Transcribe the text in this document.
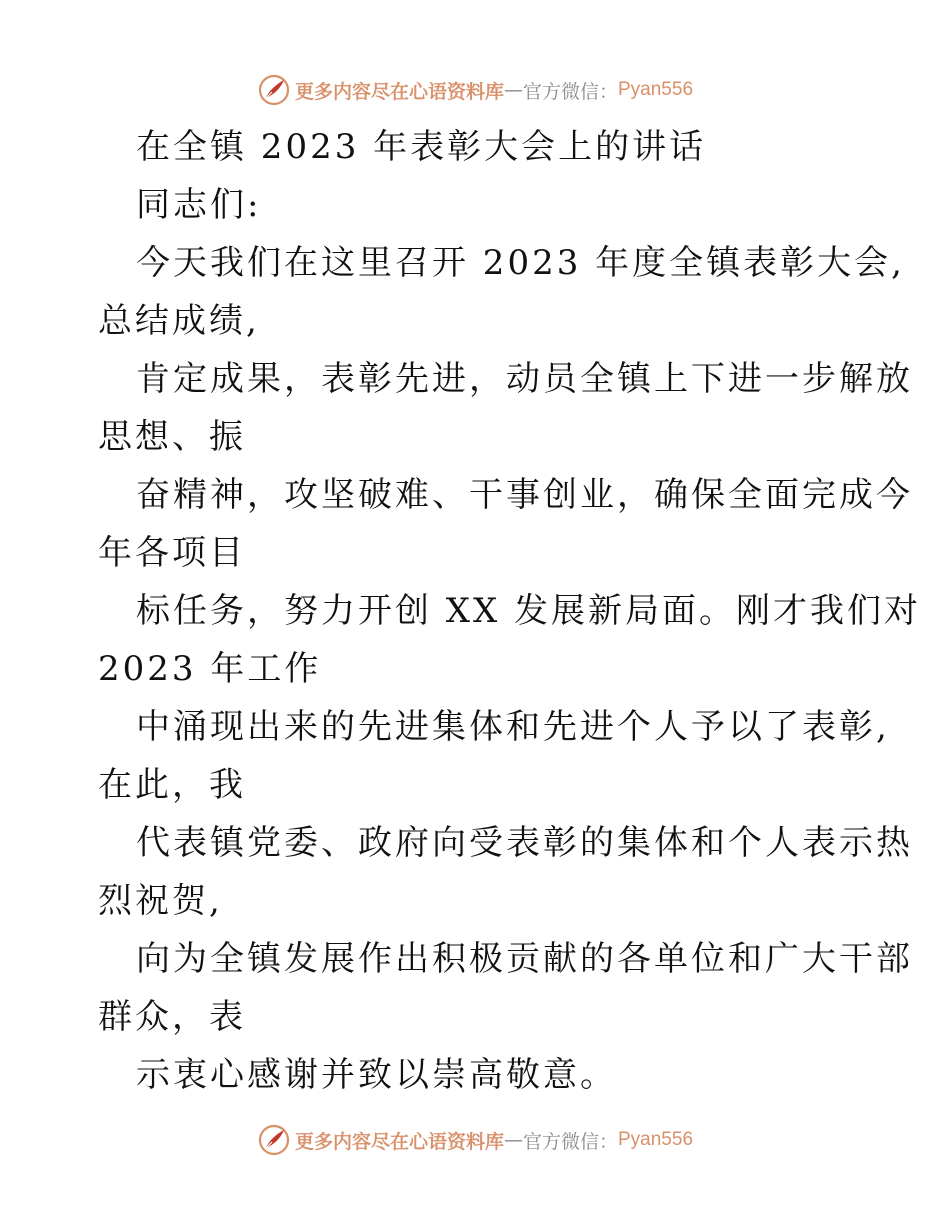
更多内容尽在心语资料库 — 官方微信： Pyan556
在全镇 2023 年表彰大会上的讲话
同志们:
今天我们在这里召开 2023 年度全镇表彰大会,
总结成绩,
肯定成果，表彰先进，动员全镇上下进一步解放
思想、振
奋精神，攻坚破难、干事创业，确保全面完成今
年各项目
标任务，努力开创 XX 发展新局面。刚才我们对
2023 年工作
中涌现出来的先进集体和先进个人予以了表彰,
在此，我
代表镇党委、政府向受表彰的集体和个人表示热
烈祝贺,
向为全镇发展作出积极贡献的各单位和广大干部
群众，表
示衷心感谢并致以崇高敬意。
更多内容尽在心语资料库 — 官方微信： Pyan556
